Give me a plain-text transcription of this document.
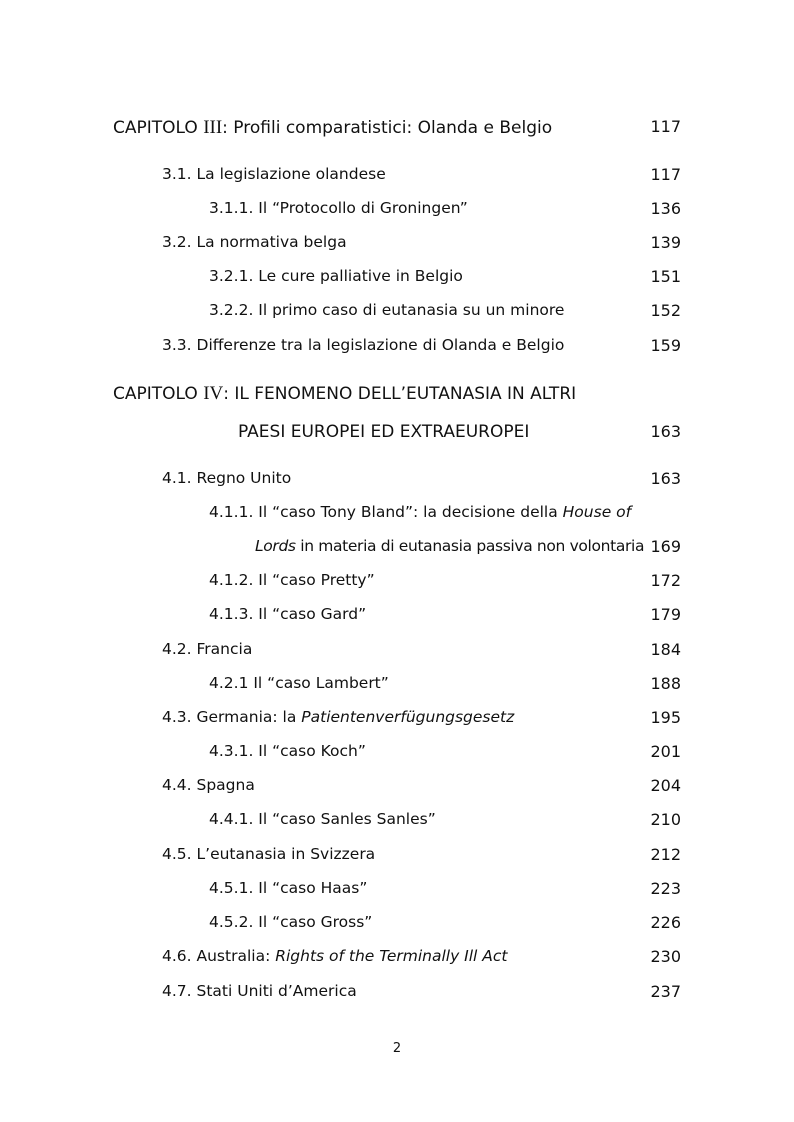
CAPITOLO III: Profili comparatistici: Olanda e Belgio	117
3.1. La legislazione olandese	117
3.1.1. Il “Protocollo di Groningen”	136
3.2. La normativa belga	139
3.2.1. Le cure palliative in Belgio	151
3.2.2. Il primo caso di eutanasia su un minore	152
3.3. Differenze tra la legislazione di Olanda e Belgio	159
CAPITOLO IV: IL FENOMENO DELL’EUTANASIA IN ALTRI
PAESI EUROPEI ED EXTRAEUROPEI	163
4.1. Regno Unito	163
4.1.1. Il “caso Tony Bland”: la decisione della House of
Lords in materia di eutanasia passiva non volontaria 169
4.1.2. Il “caso Pretty”	172
4.1.3. Il “caso Gard”	179
4.2. Francia	184
4.2.1 Il “caso Lambert”	188
4.3. Germania: la Patientenverfügungsgesetz	195
4.3.1. Il “caso Koch”	201
4.4. Spagna	204
4.4.1. Il “caso Sanles Sanles”	210
4.5. L’eutanasia in Svizzera	212
4.5.1. Il “caso Haas”	223
4.5.2. Il “caso Gross”	226
4.6. Australia: Rights of the Terminally Ill Act	230
4.7. Stati Uniti d’America	237
2
